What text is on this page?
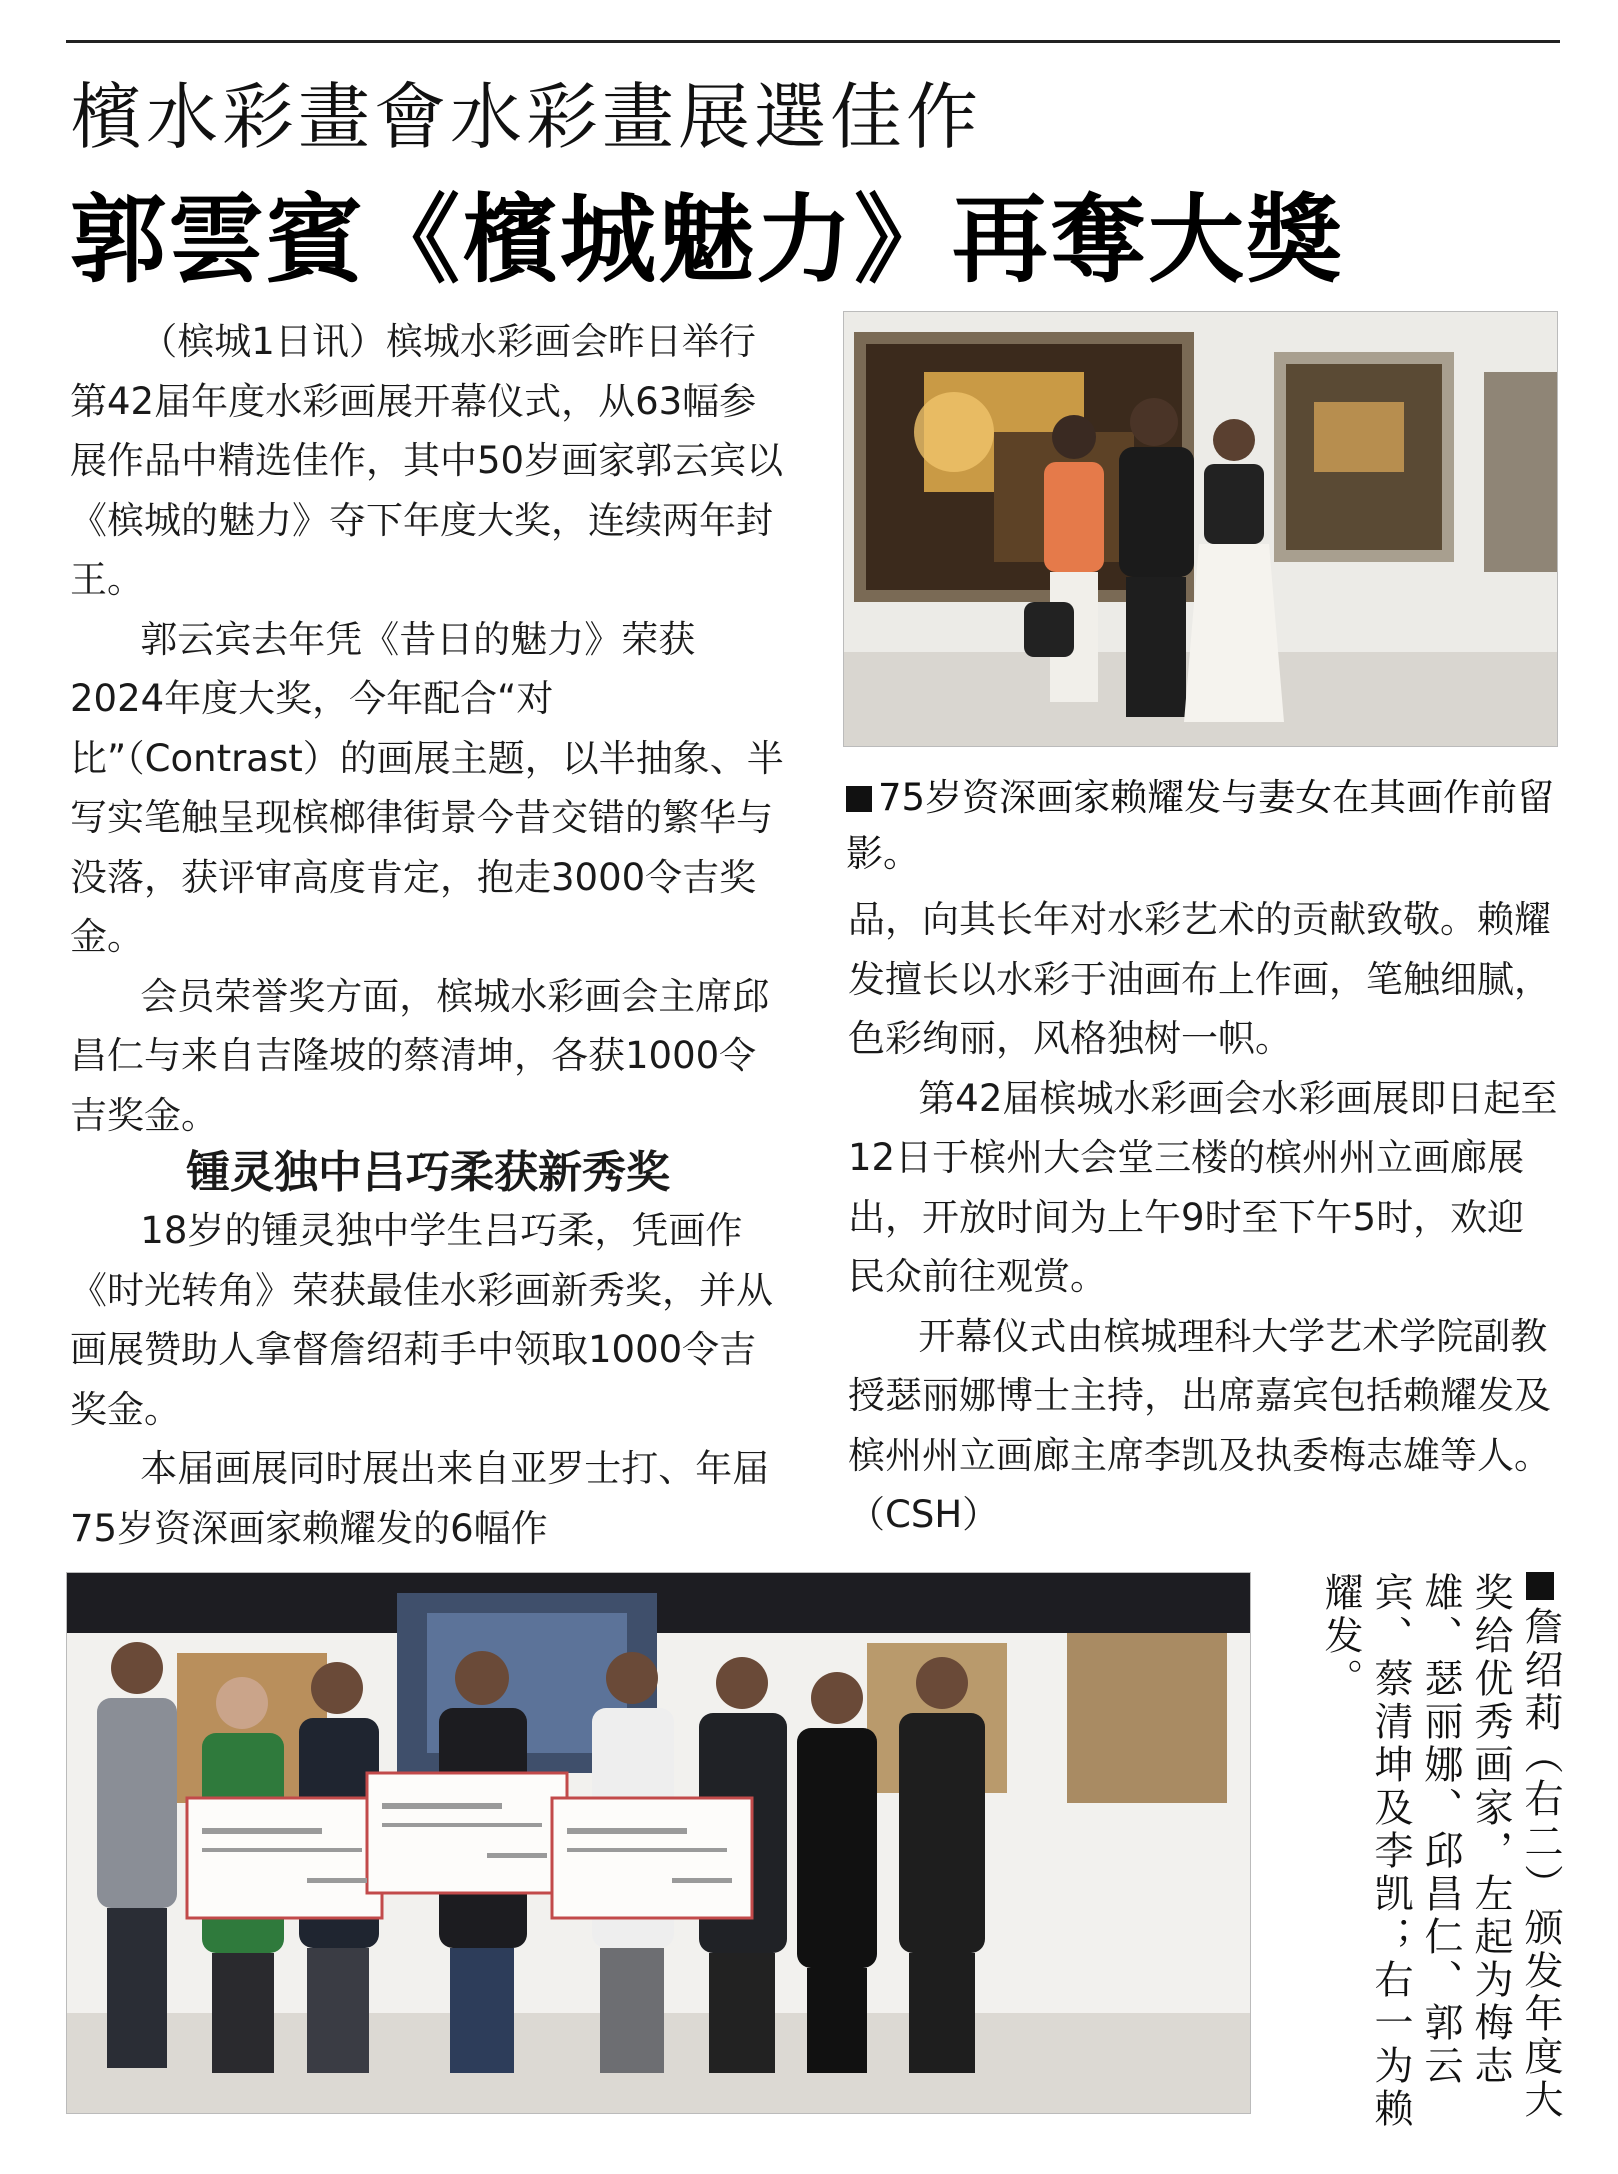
檳水彩畫會水彩畫展選佳作
郭雲賓《檳城魅力》再奪大獎

（槟城1日讯）槟城水彩画会昨日举行第42届年度水彩画展开幕仪式，从63幅参展作品中精选佳作，其中50岁画家郭云宾以《槟城的魅力》夺下年度大奖，连续两年封王。

郭云宾去年凭《昔日的魅力》荣获2024年度大奖，今年配合“对比”（Contrast）的画展主题，以半抽象、半写实笔触呈现槟榔律街景今昔交错的繁华与没落，获评审高度肯定，抱走3000令吉奖金。

会员荣誉奖方面，槟城水彩画会主席邱昌仁与来自吉隆坡的蔡清坤，各获1000令吉奖金。

锺灵独中吕巧柔获新秀奖

18岁的锺灵独中学生吕巧柔，凭画作《时光转角》荣获最佳水彩画新秀奖，并从画展赞助人拿督詹绍莉手中领取1000令吉奖金。

本届画展同时展出来自亚罗士打、年届75岁资深画家赖耀发的6幅作

75岁资深画家赖耀发与妻女在其画作前留影。

品，向其长年对水彩艺术的贡献致敬。赖耀发擅长以水彩于油画布上作画，笔触细腻，色彩绚丽，风格独树一帜。

第42届槟城水彩画会水彩画展即日起至12日于槟州大会堂三楼的槟州州立画廊展出，开放时间为上午9时至下午5时，欢迎民众前往观赏。

开幕仪式由槟城理科大学艺术学院副教授瑟丽娜博士主持，出席嘉宾包括赖耀发及槟州州立画廊主席李凯及执委梅志雄等人。（CSH）

詹绍莉（右二）颁发年度大奖给优秀画家，左起为梅志雄、瑟丽娜、邱昌仁、郭云宾、蔡清坤及李凯；右一为赖耀发。
